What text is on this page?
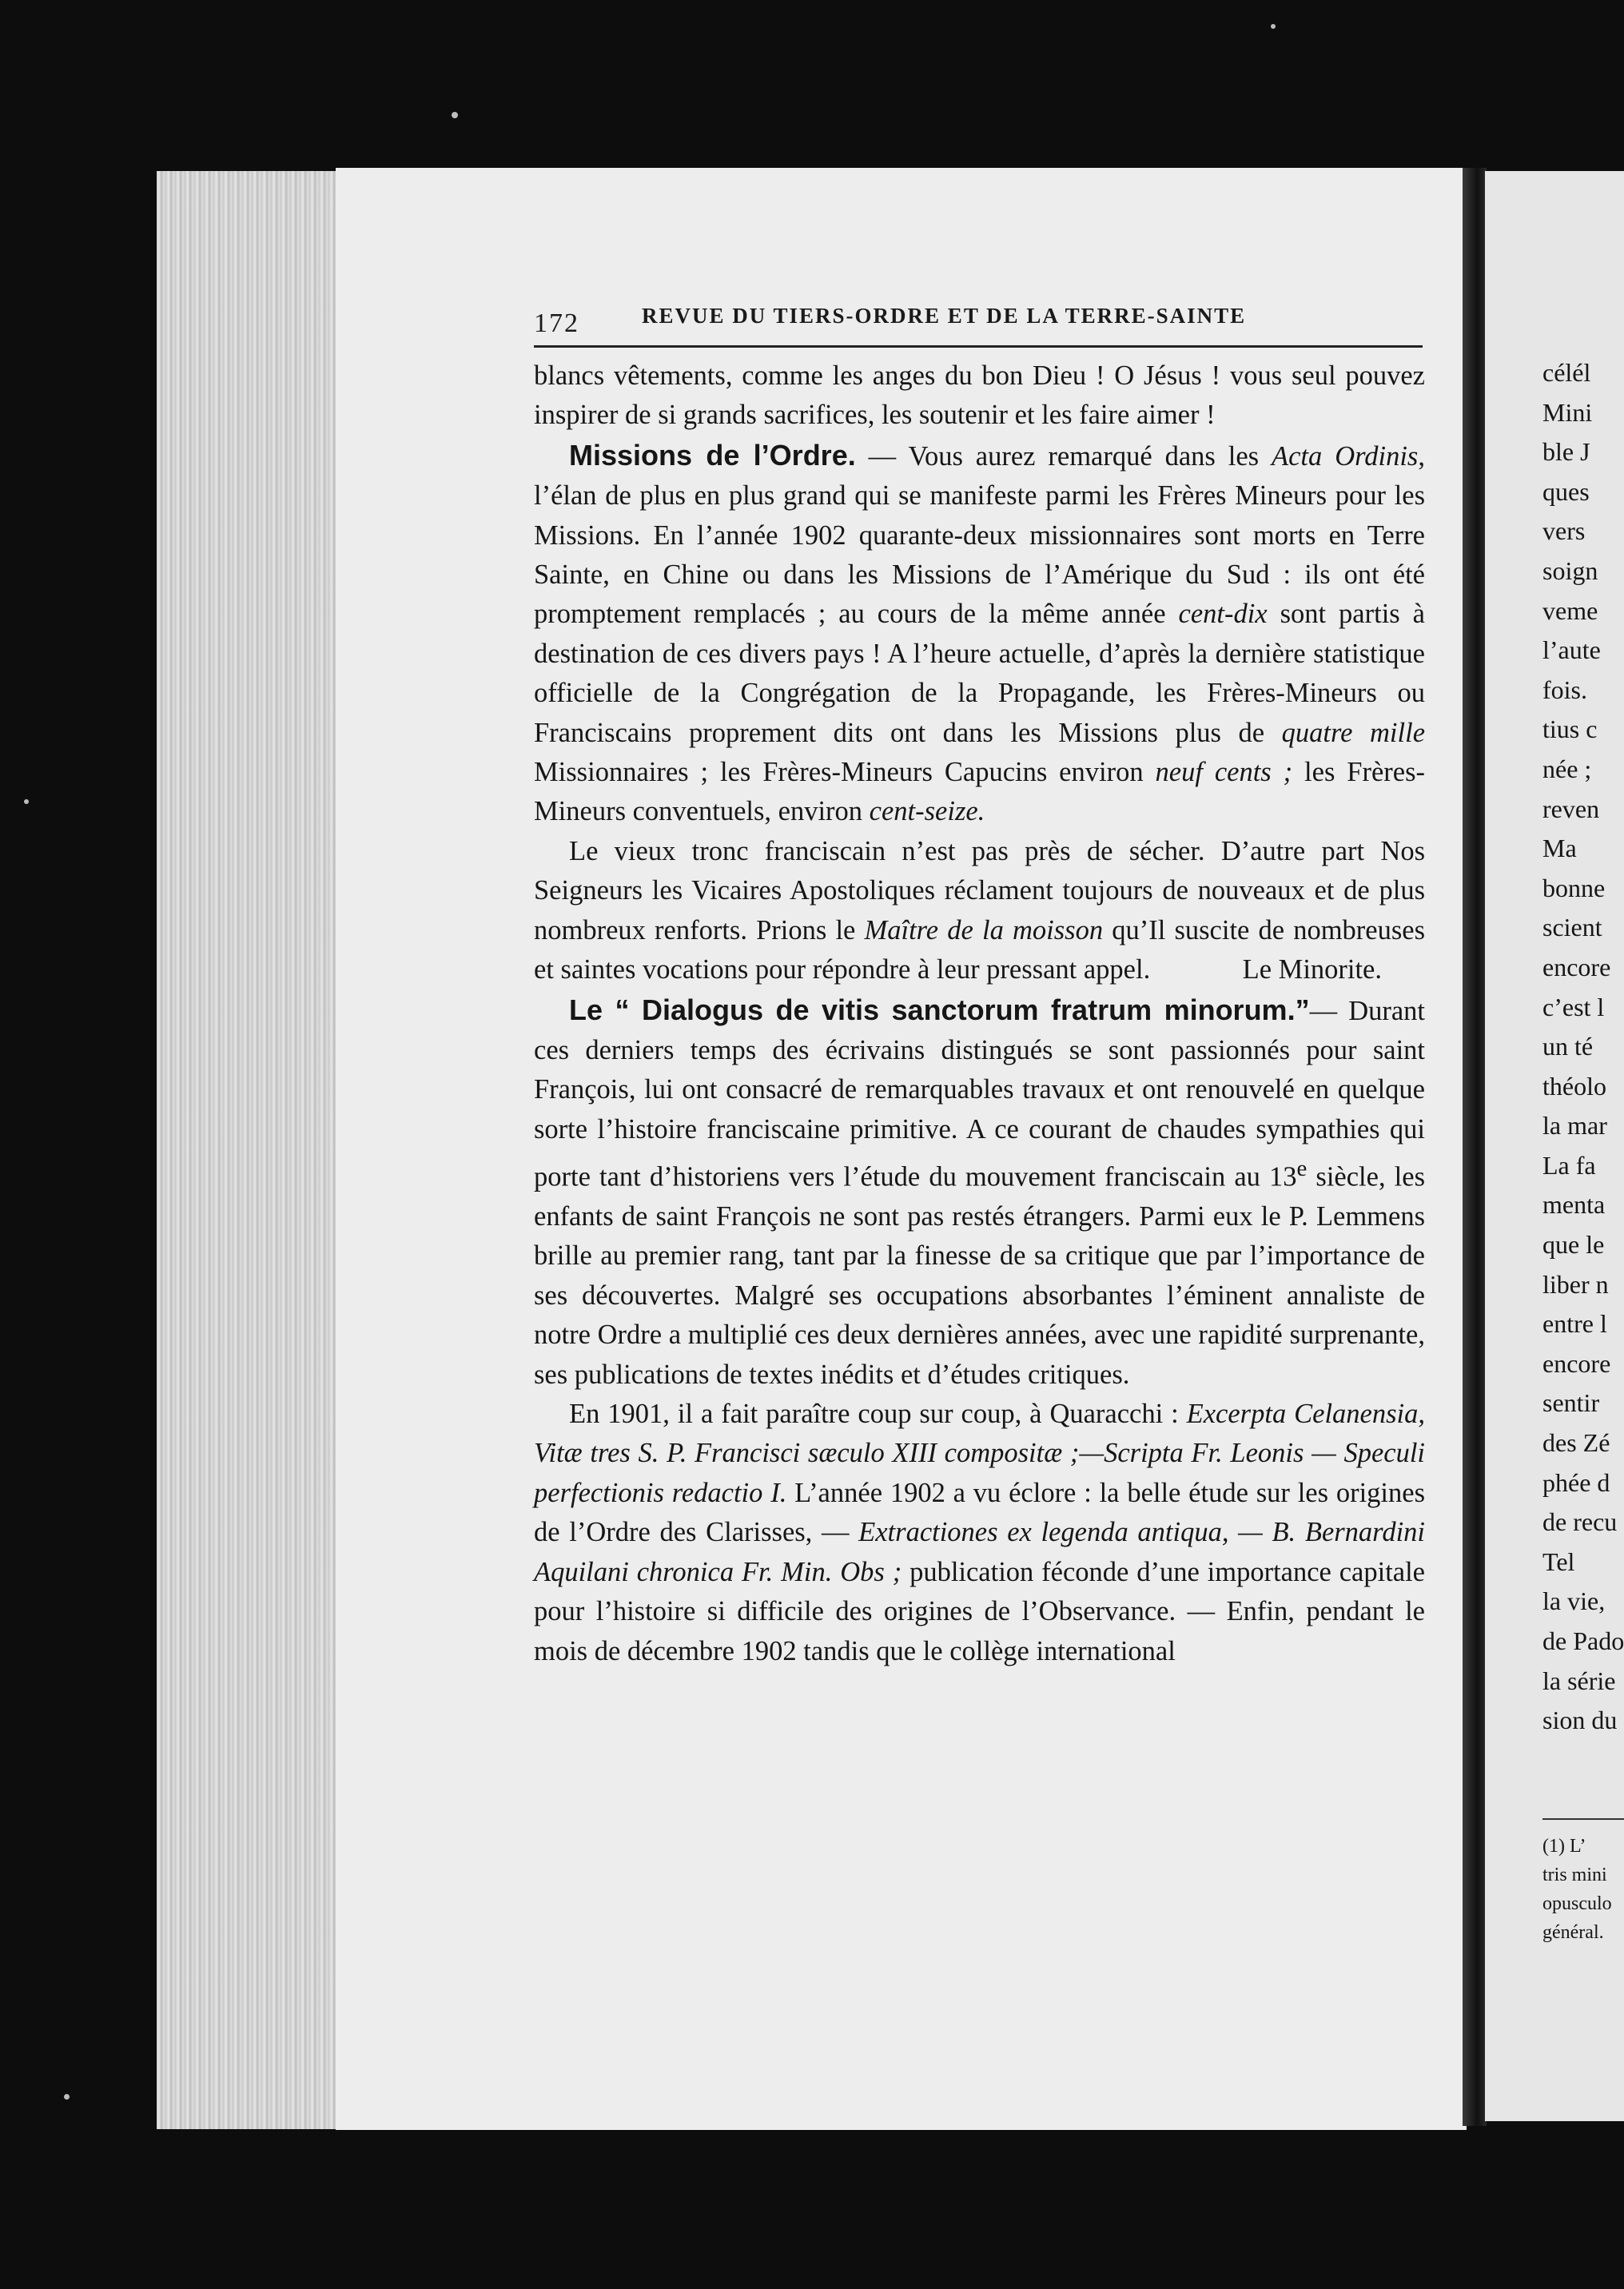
172	REVUE DU TIERS-ORDRE ET DE LA TERRE-SAINTE

blancs vêtements, comme les anges du bon Dieu ! O Jésus ! vous seul pouvez inspirer de si grands sacrifices, les soutenir et les faire aimer !

Missions de l’Ordre. — Vous aurez remarqué dans les Acta Ordinis, l’élan de plus en plus grand qui se manifeste parmi les Frères Mineurs pour les Missions. En l’année 1902 quarante-deux missionnaires sont morts en Terre Sainte, en Chine ou dans les Missions de l’Amérique du Sud : ils ont été promptement remplacés ; au cours de la même année cent-dix sont partis à destination de ces divers pays ! A l’heure actuelle, d’après la dernière statistique officielle de la Congrégation de la Propagande, les Frères-Mineurs ou Franciscains proprement dits ont dans les Missions plus de quatre mille Missionnaires ; les Frères-Mineurs Capucins environ neuf cents ; les Frères-Mineurs conventuels, environ cent-seize.

Le vieux tronc franciscain n’est pas près de sécher. D’autre part Nos Seigneurs les Vicaires Apostoliques réclament toujours de nouveaux et de plus nombreux renforts. Prions le Maître de la moisson qu’Il suscite de nombreuses et saintes vocations pour répondre à leur pressant appel.	Le Minorite.

Le “ Dialogus de vitis sanctorum fratrum minorum.”— Durant ces derniers temps des écrivains distingués se sont passionnés pour saint François, lui ont consacré de remarquables travaux et ont renouvelé en quelque sorte l’histoire franciscaine primitive. A ce courant de chaudes sympathies qui porte tant d’historiens vers l’étude du mouvement franciscain au 13e siècle, les enfants de saint François ne sont pas restés étrangers. Parmi eux le P. Lemmens brille au premier rang, tant par la finesse de sa critique que par l’importance de ses découvertes. Malgré ses occupations absorbantes l’éminent annaliste de notre Ordre a multiplié ces deux dernières années, avec une rapidité surprenante, ses publications de textes inédits et d’études critiques.

En 1901, il a fait paraître coup sur coup, à Quaracchi : Excerpta Celanensia, Vitæ tres S. P. Francisci sæculo XIII compositæ ;—Scripta Fr. Leonis — Speculi perfectionis redactio I. L’année 1902 a vu éclore : la belle étude sur les origines de l’Ordre des Clarisses, — Extractiones ex legenda antiqua, — B. Bernardini Aquilani chronica Fr. Min. Obs ; publication féconde d’une importance capitale pour l’histoire si difficile des origines de l’Observance. — Enfin, pendant le mois de décembre 1902 tandis que le collège international

célél
Mini
ble J
ques
vers
soign
veme
l’aute
fois.
tius c
née ;
reven
Ma
bonne
scient
encore
c’est l
un té
théolo
la mar
La fa
menta
que le
liber n
entre l
encore
sentir
des Zé
phée d
de recu
Tel
la vie,
de Pado
la série
sion du
(1) L’
tris mini
opusculo
général.
